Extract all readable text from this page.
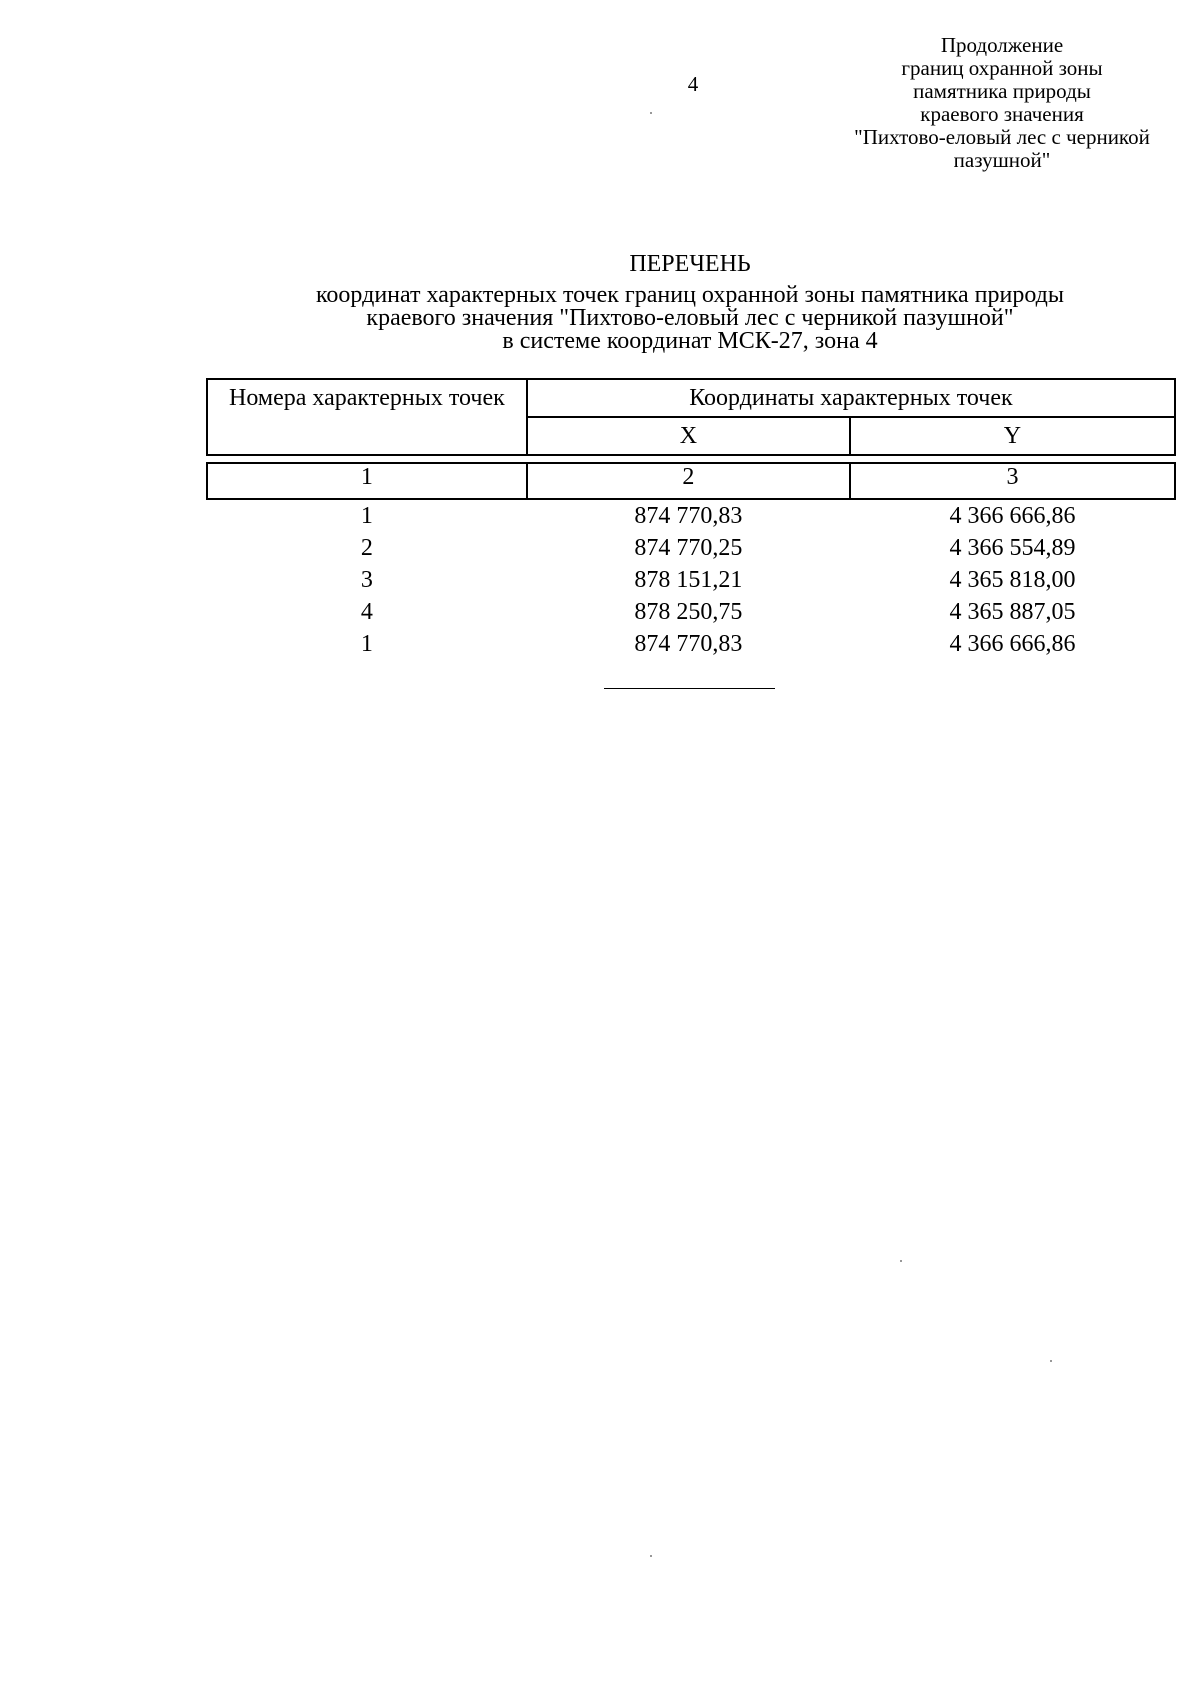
4
Продолжение
границ охранной зоны
памятника природы
краевого значения
"Пихтово-еловый лес с черникой
пазушной"
ПЕРЕЧЕНЬ
координат характерных точек границ охранной зоны памятника природы
краевого значения "Пихтово-еловый лес с черникой пазушной"
в системе координат МСК-27, зона 4
Номера характерных точек	Координаты характерных точек	
	X	Y

1	2	3
1	874 770,83	4 366 666,86
2	874 770,25	4 366 554,89
3	878 151,21	4 365 818,00
4	878 250,75	4 365 887,05
1	874 770,83	4 366 666,86
